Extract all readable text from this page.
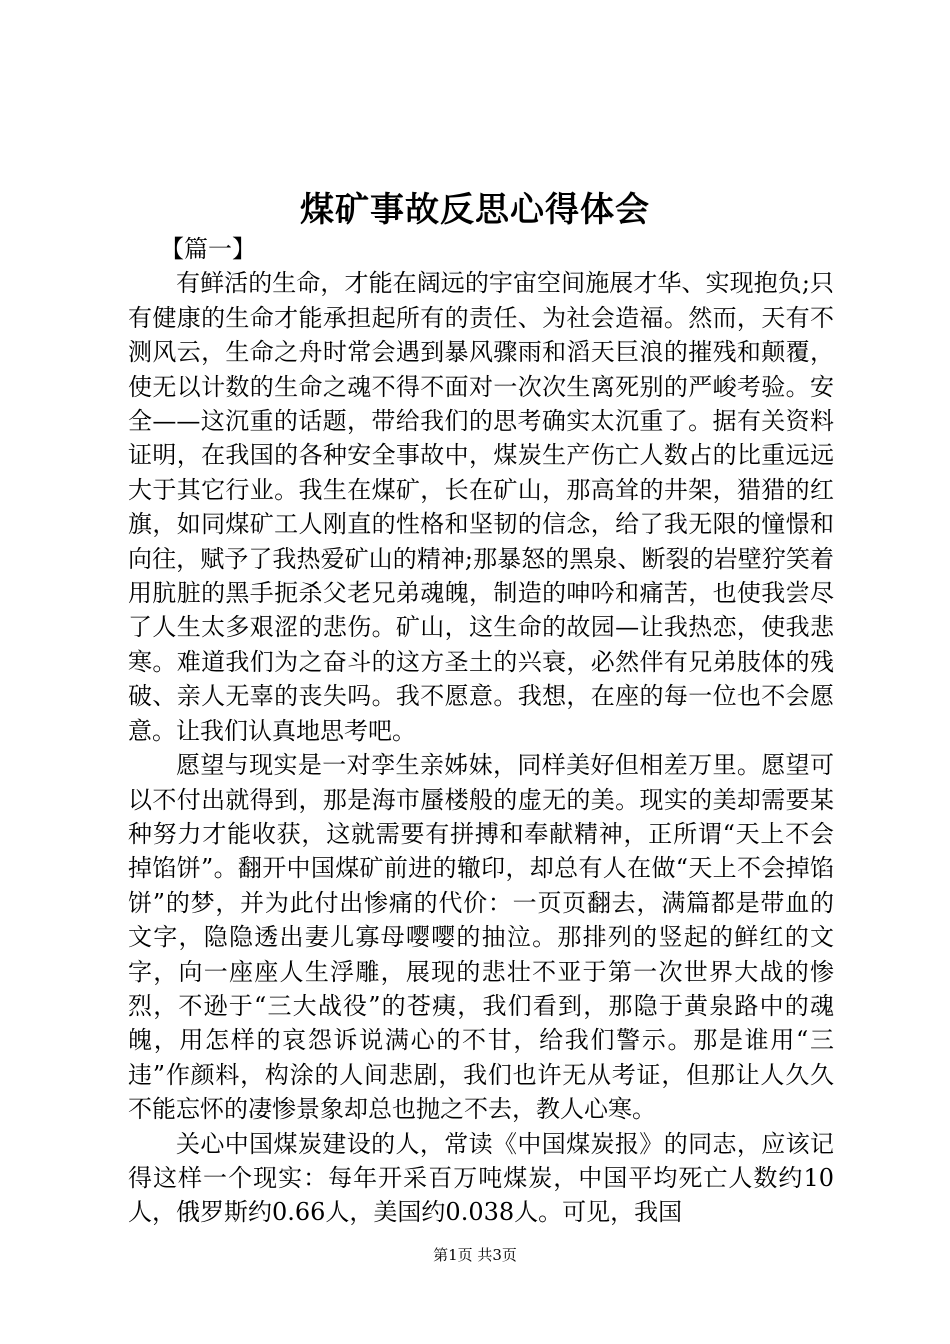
煤矿事故反思心得体会

【篇一】

有鲜活的生命，才能在阔远的宇宙空间施展才华、实现抱负;只有健康的生命才能承担起所有的责任、为社会造福。然而，天有不测风云，生命之舟时常会遇到暴风骤雨和滔天巨浪的摧残和颠覆，使无以计数的生命之魂不得不面对一次次生离死别的严峻考验。安全——这沉重的话题，带给我们的思考确实太沉重了。据有关资料证明，在我国的各种安全事故中，煤炭生产伤亡人数占的比重远远大于其它行业。我生在煤矿，长在矿山，那高耸的井架，猎猎的红旗，如同煤矿工人刚直的性格和坚韧的信念，给了我无限的憧憬和向往，赋予了我热爱矿山的精神;那暴怒的黑泉、断裂的岩壁狞笑着用肮脏的黑手扼杀父老兄弟魂魄，制造的呻吟和痛苦，也使我尝尽了人生太多艰涩的悲伤。矿山，这生命的故园—让我热恋，使我悲寒。难道我们为之奋斗的这方圣土的兴衰，必然伴有兄弟肢体的残破、亲人无辜的丧失吗。我不愿意。我想，在座的每一位也不会愿意。让我们认真地思考吧。

愿望与现实是一对孪生亲姊妹，同样美好但相差万里。愿望可以不付出就得到，那是海市蜃楼般的虚无的美。现实的美却需要某种努力才能收获，这就需要有拼搏和奉献精神，正所谓“天上不会掉馅饼”。翻开中国煤矿前进的辙印，却总有人在做“天上不会掉馅饼”的梦，并为此付出惨痛的代价：一页页翻去，满篇都是带血的文字，隐隐透出妻儿寡母嘤嘤的抽泣。那排列的竖起的鲜红的文字，向一座座人生浮雕，展现的悲壮不亚于第一次世界大战的惨烈，不逊于“三大战役”的苍痍，我们看到，那隐于黄泉路中的魂魄，用怎样的哀怨诉说满心的不甘，给我们警示。那是谁用“三违”作颜料，构涂的人间悲剧，我们也许无从考证，但那让人久久不能忘怀的凄惨景象却总也抛之不去，教人心寒。

关心中国煤炭建设的人，常读《中国煤炭报》的同志，应该记得这样一个现实：每年开采百万吨煤炭，中国平均死亡人数约10人，俄罗斯约0.66人，美国约0.038人。可见，我国

第1页 共3页
